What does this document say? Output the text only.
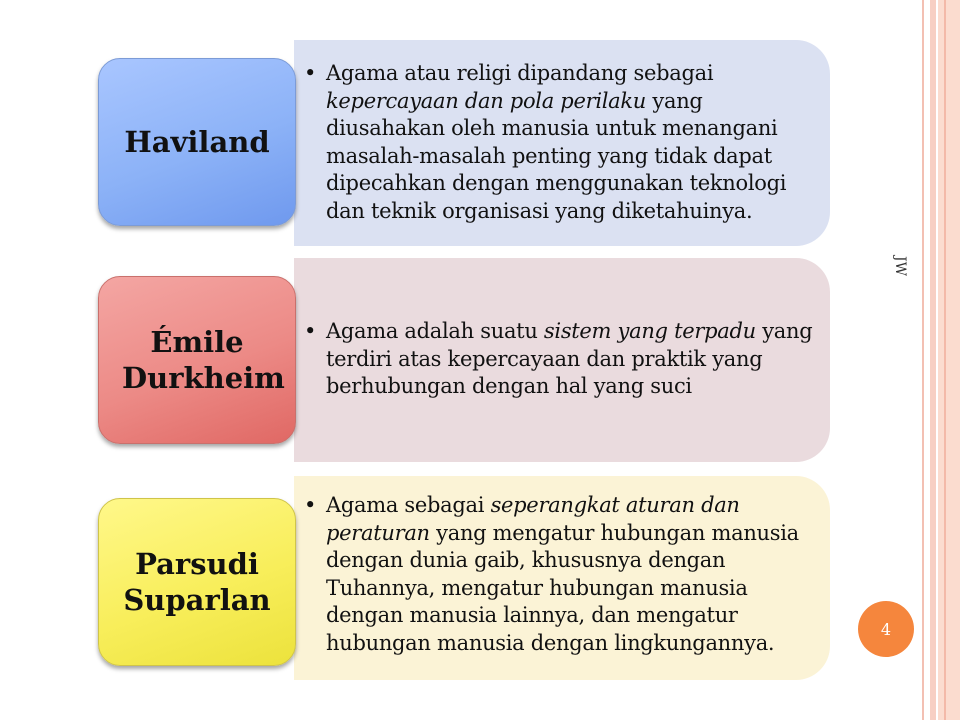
• Agama atau religi dipandang sebagai kepercayaan dan pola perilaku yang diusahakan oleh manusia untuk menangani masalah-masalah penting yang tidak dapat dipecahkan dengan menggunakan teknologi dan teknik organisasi yang diketahuinya.
Haviland
• Agama adalah suatu sistem yang terpadu yang terdiri atas kepercayaan dan praktik yang berhubungan dengan hal yang suci
Émile Durkheim
• Agama sebagai seperangkat aturan dan peraturan yang mengatur hubungan manusia dengan dunia gaib, khususnya dengan Tuhannya, mengatur hubungan manusia dengan manusia lainnya, dan mengatur hubungan manusia dengan lingkungannya.
Parsudi Suparlan
JW
4
